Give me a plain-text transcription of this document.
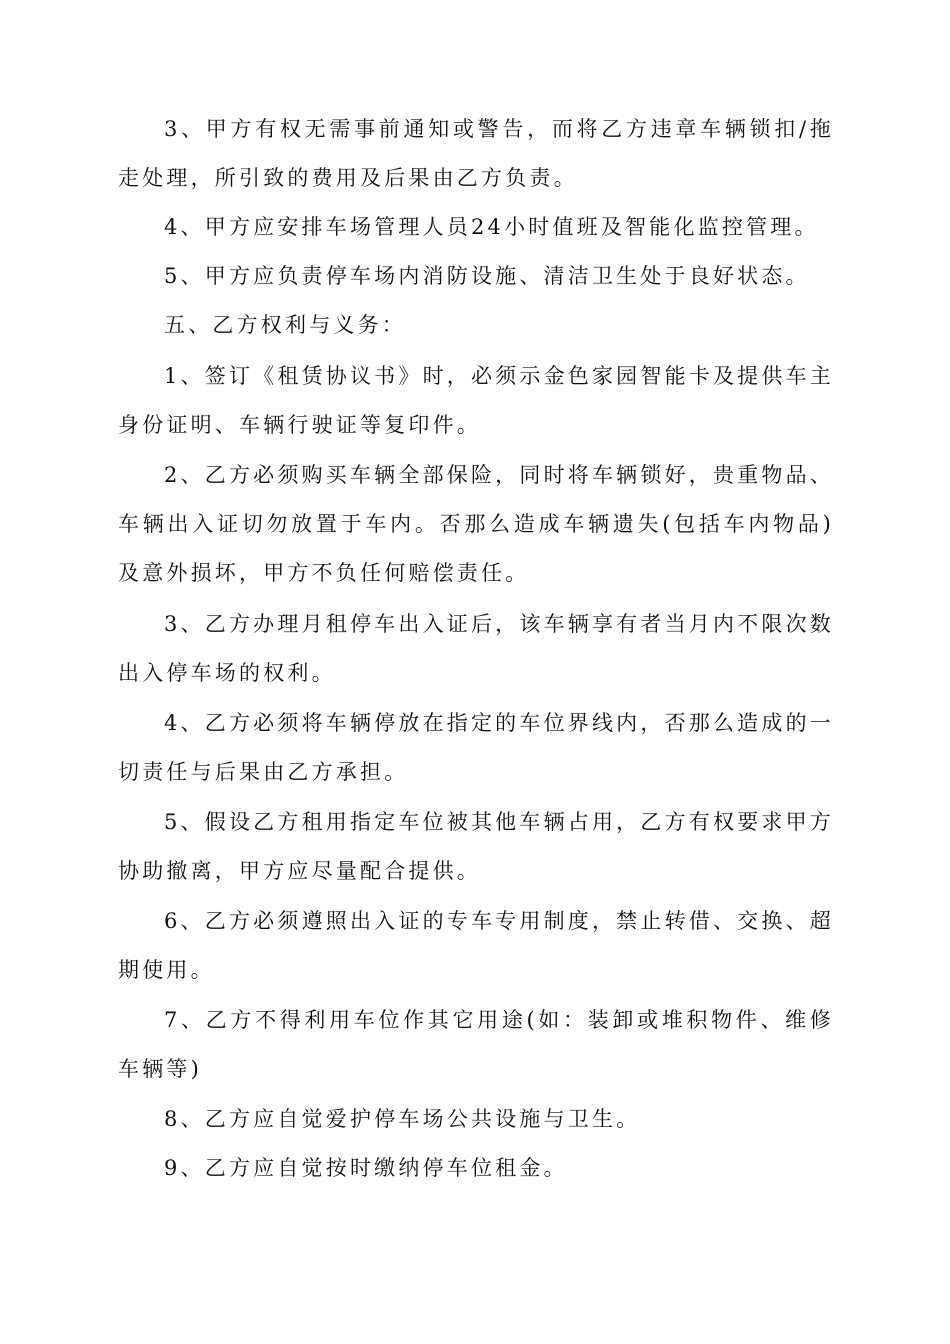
3、甲方有权无需事前通知或警告，而将乙方违章车辆锁扣/拖走处理，所引致的费用及后果由乙方负责。

4、甲方应安排车场管理人员24小时值班及智能化监控管理。

5、甲方应负责停车场内消防设施、清洁卫生处于良好状态。

五、乙方权利与义务：

1、签订《租赁协议书》时，必须示金色家园智能卡及提供车主身份证明、车辆行驶证等复印件。

2、乙方必须购买车辆全部保险，同时将车辆锁好，贵重物品、车辆出入证切勿放置于车内。否那么造成车辆遗失(包括车内物品)及意外损坏，甲方不负任何赔偿责任。

3、乙方办理月租停车出入证后，该车辆享有者当月内不限次数出入停车场的权利。

4、乙方必须将车辆停放在指定的车位界线内，否那么造成的一切责任与后果由乙方承担。

5、假设乙方租用指定车位被其他车辆占用，乙方有权要求甲方协助撤离，甲方应尽量配合提供。

6、乙方必须遵照出入证的专车专用制度，禁止转借、交换、超期使用。

7、乙方不得利用车位作其它用途(如：装卸或堆积物件、维修车辆等)

8、乙方应自觉爱护停车场公共设施与卫生。

9、乙方应自觉按时缴纳停车位租金。
